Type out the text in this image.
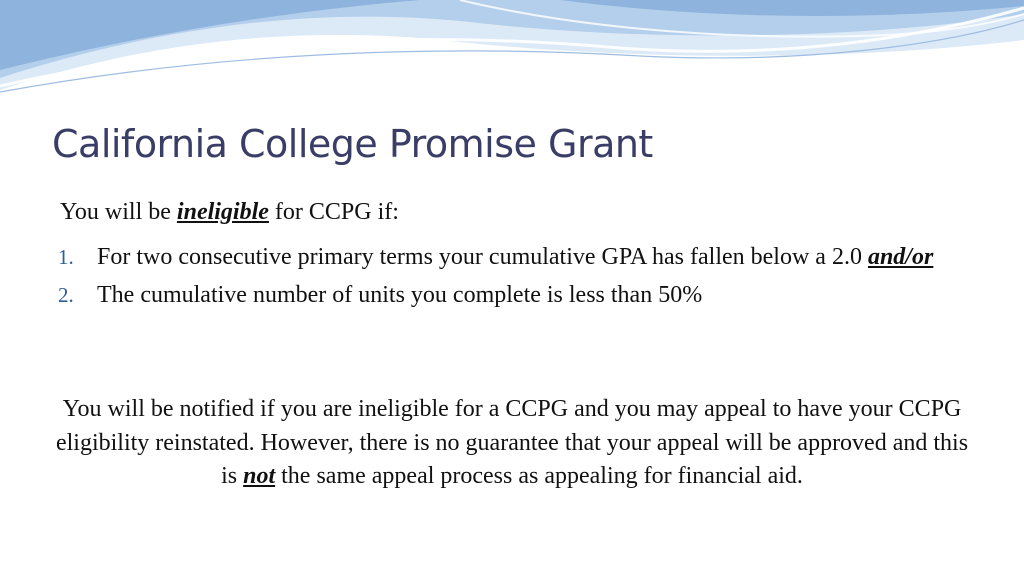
California College Promise Grant

You will be ineligible for CCPG if:

1. For two consecutive primary terms your cumulative GPA has fallen below a 2.0 and/or
2. The cumulative number of units you complete is less than 50%

You will be notified if you are ineligible for a CCPG and you may appeal to have your CCPG eligibility reinstated. However, there is no guarantee that your appeal will be approved and this is not the same appeal process as appealing for financial aid.
